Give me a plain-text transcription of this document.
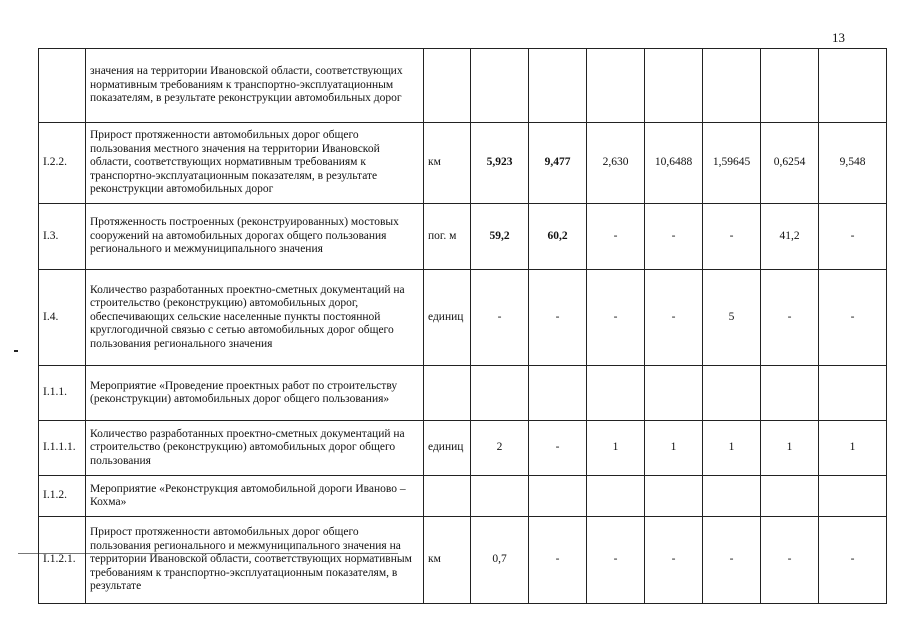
13
	значения на территории Ивановской области, соответствующих нормативным требованиям к транспортно-эксплуатационным показателям, в результате реконструкции автомобильных дорог								
I.2.2.	Прирост протяженности автомобильных дорог общего пользования местного значения на территории Ивановской области, соответствующих нормативным требованиям к транспортно-эксплуатационным показателям, в результате реконструкции автомобильных дорог	км	5,923	9,477	2,630	10,6488	1,59645	0,6254	9,548
I.3.	Протяженность построенных (реконструированных) мостовых сооружений на автомобильных дорогах общего пользования регионального и межмуниципального значения	пог. м	59,2	60,2	-	-	-	41,2	-
I.4.	Количество разработанных проектно-сметных документаций на строительство (реконструкцию) автомобильных дорог, обеспечивающих сельские населенные пункты постоянной круглогодичной связью с сетью автомобильных дорог общего пользования регионального значения	единиц	-	-	-	-	5	-	-
I.1.1.	Мероприятие «Проведение проектных работ по строительству (реконструкции) автомобильных дорог общего пользования»								
I.1.1.1.	Количество разработанных проектно-сметных документаций на строительство (реконструкцию) автомобильных дорог общего пользования	единиц	2	-	1	1	1	1	1
I.1.2.	Мероприятие «Реконструкция автомобильной дороги Иваново – Кохма»								
I.1.2.1.	Прирост протяженности автомобильных дорог общего пользования регионального и межмуниципального значения на территории Ивановской области, соответствующих нормативным требованиям к транспортно-эксплуатационным показателям, в результате	км	0,7	-	-	-	-	-	-
